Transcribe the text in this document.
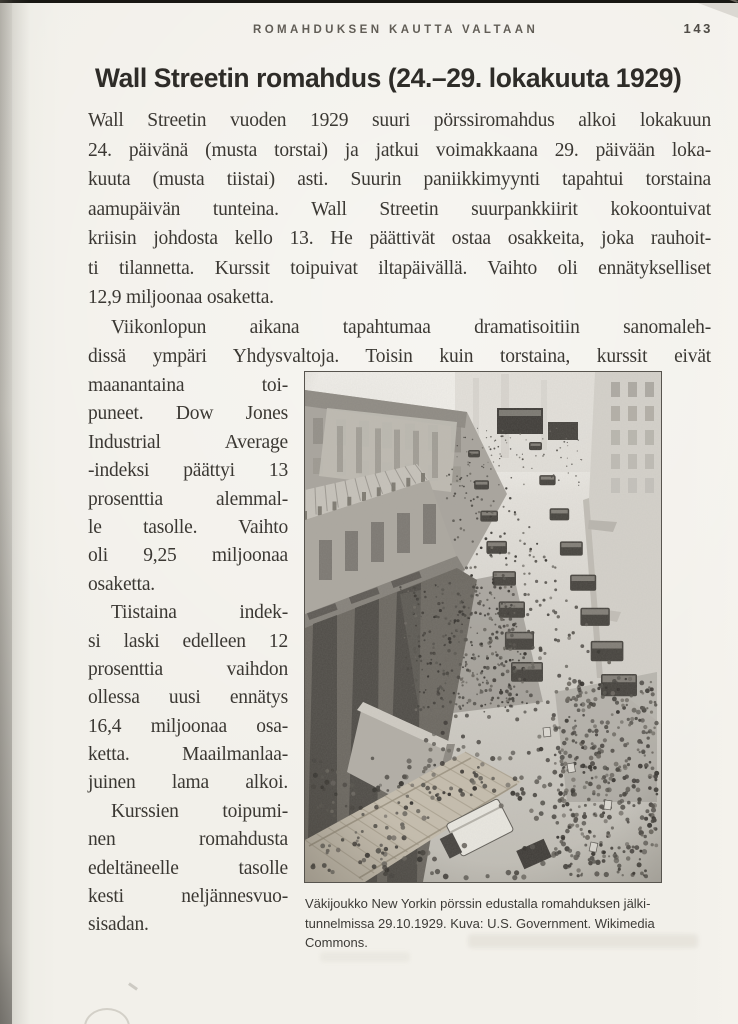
ROMAHDUKSEN KAUTTA VALTAAN	143
Wall Streetin romahdus (24.–29. lokakuuta 1929)
Wall Streetin vuoden 1929 suuri pörssiromahdus alkoi lokakuun
24. päivänä (musta torstai) ja jatkui voimakkaana 29. päivään loka-
kuuta (musta tiistai) asti. Suurin paniikkimyynti tapahtui torstaina
aamupäivän tunteina. Wall Streetin suurpankkiirit kokoontuivat
kriisin johdosta kello 13. He päättivät ostaa osakkeita, joka rauhoit-
ti tilannetta. Kurssit toipuivat iltapäivällä. Vaihto oli ennätykselliset
12,9 miljoonaa osaketta.
Viikonlopun aikana tapahtumaa dramatisoitiin sanomaleh-
dissä ympäri Yhdysvaltoja. Toisin kuin torstaina, kurssit eivät
maanantaina toi-
puneet. Dow Jones
Industrial Average
-indeksi päättyi 13
prosenttia alemmal-
le tasolle. Vaihto
oli 9,25 miljoonaa
osaketta.
Tiistaina indek-
si laski edelleen 12
prosenttia vaihdon
ollessa uusi ennätys
16,4 miljoonaa osa-
ketta. Maailmanlaa-
juinen lama alkoi.
Kurssien toipumi-
nen romahdusta
edeltäneelle tasolle
kesti neljännesvuo-
sisadan.
Väkijoukko New Yorkin pörssin edustalla romahduksen jälki-
tunnelmissa 29.10.1929. Kuva: U.S. Government. Wikimedia
Commons.
